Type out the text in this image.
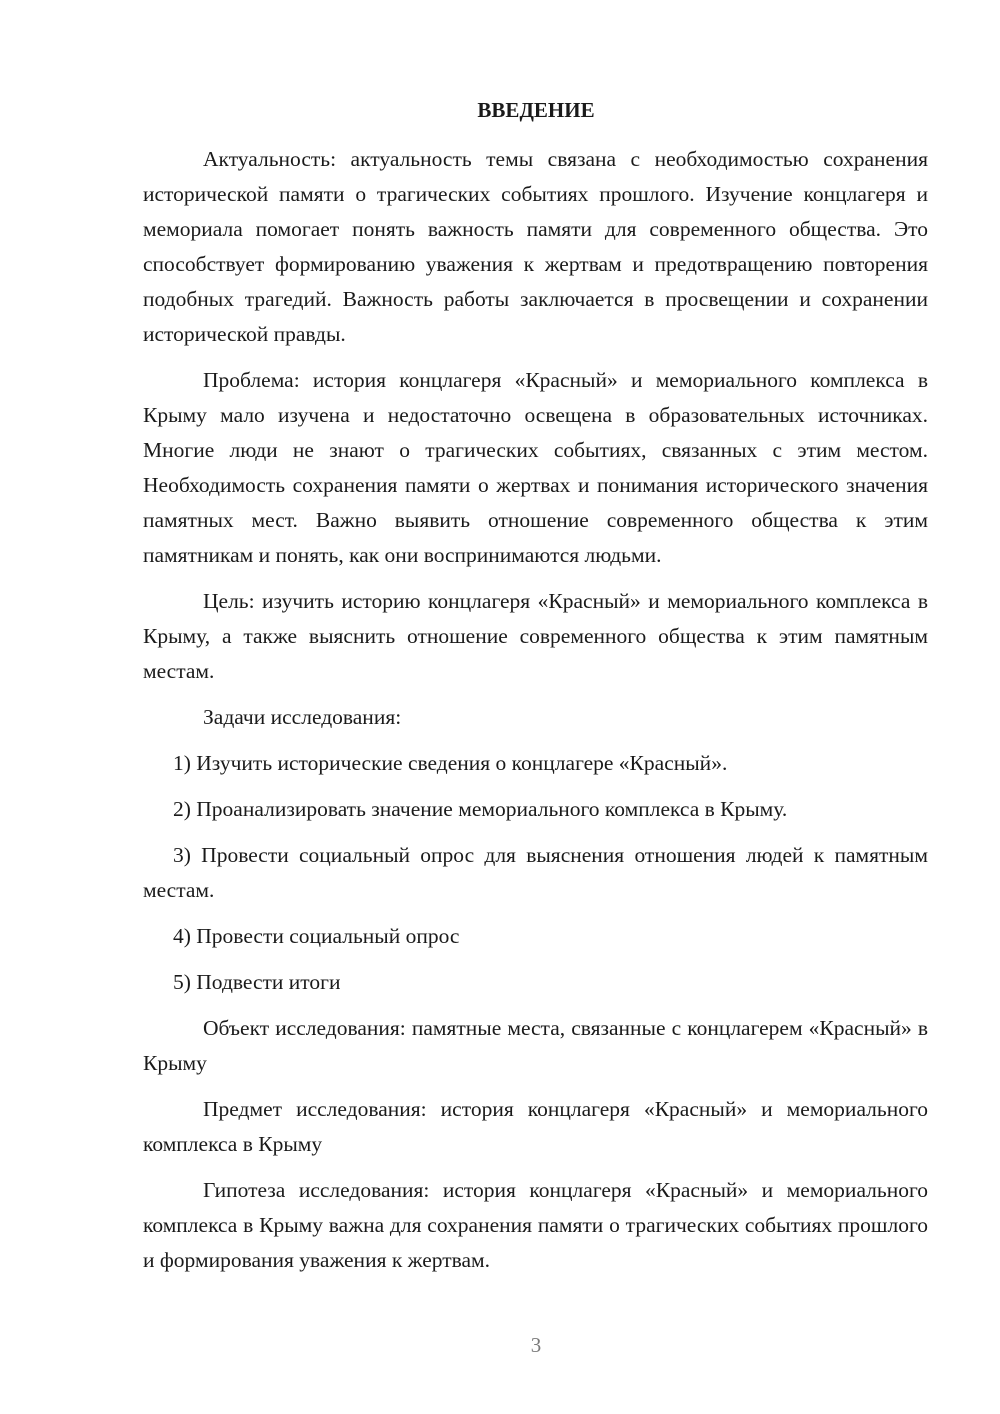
ВВЕДЕНИЕ

Актуальность: актуальность темы связана с необходимостью сохранения исторической памяти о трагических событиях прошлого. Изучение концлагеря и мемориала помогает понять важность памяти для современного общества. Это способствует формированию уважения к жертвам и предотвращению повторения подобных трагедий. Важность работы заключается в просвещении и сохранении исторической правды.

Проблема: история концлагеря «Красный» и мемориального комплекса в Крыму мало изучена и недостаточно освещена в образовательных источниках. Многие люди не знают о трагических событиях, связанных с этим местом. Необходимость сохранения памяти о жертвах и понимания исторического значения памятных мест. Важно выявить отношение современного общества к этим памятникам и понять, как они воспринимаются людьми.

Цель: изучить историю концлагеря «Красный» и мемориального комплекса в Крыму, а также выяснить отношение современного общества к этим памятным местам.

Задачи исследования:

1) Изучить исторические сведения о концлагере «Красный».

2) Проанализировать значение мемориального комплекса в Крыму.

3) Провести социальный опрос для выяснения отношения людей к памятным местам.

4) Провести социальный опрос

5) Подвести итоги

Объект исследования: памятные места, связанные с концлагерем «Красный» в Крыму

Предмет исследования: история концлагеря «Красный» и мемориального комплекса в Крыму

Гипотеза исследования: история концлагеря «Красный» и мемориального комплекса в Крыму важна для сохранения памяти о трагических событиях прошлого и формирования уважения к жертвам.

3
